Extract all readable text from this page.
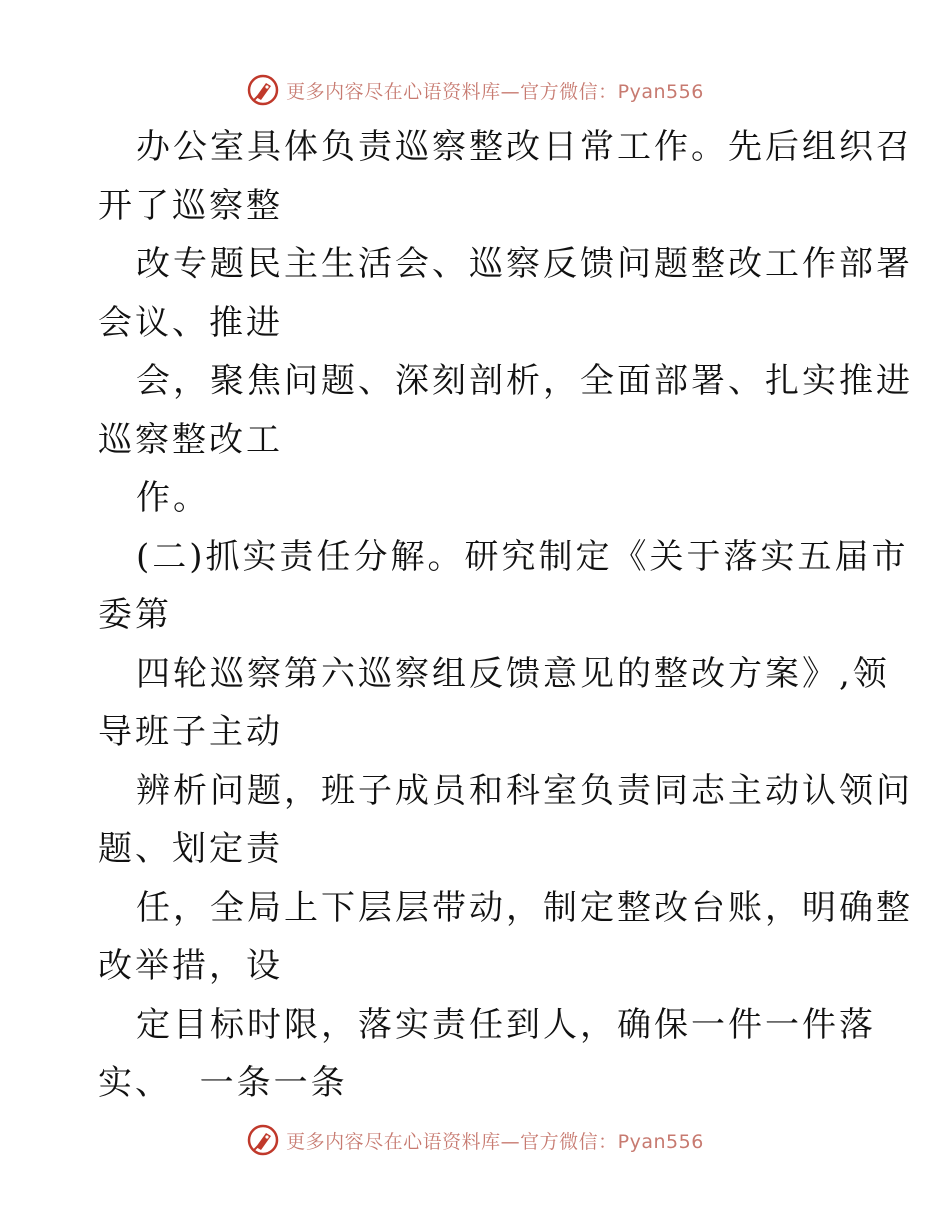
更多内容尽在心语资料库—官方微信：Pyan556
办公室具体负责巡察整改日常工作。先后组织召
开了巡察整
改专题民主生活会、巡察反馈问题整改工作部署
会议、推进
会，聚焦问题、深刻剖析，全面部署、扎实推进
巡察整改工
作。
(二)抓实责任分解。研究制定《关于落实五届市
委第
四轮巡察第六巡察组反馈意见的整改方案》,领
导班子主动
辨析问题，班子成员和科室负责同志主动认领问
题、划定责
任，全局上下层层带动，制定整改台账，明确整
改举措，设
定目标时限，落实责任到人，确保一件一件落
实、  一条一条
更多内容尽在心语资料库—官方微信：Pyan556
